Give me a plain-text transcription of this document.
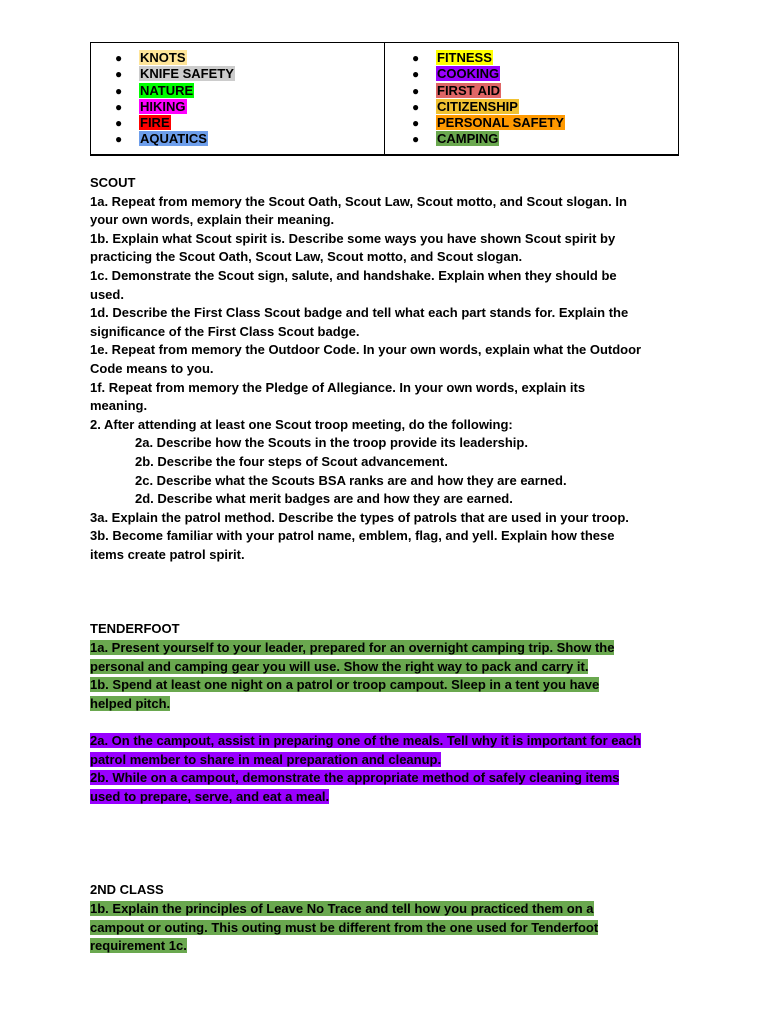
● KNOTS
● KNIFE SAFETY
● NATURE
● HIKING
● FIRE
● AQUATICS
● FITNESS
● COOKING
● FIRST AID
● CITIZENSHIP
● PERSONAL SAFETY
● CAMPING

SCOUT

1a. Repeat from memory the Scout Oath, Scout Law, Scout motto, and Scout slogan. In

your own words, explain their meaning.

1b. Explain what Scout spirit is. Describe some ways you have shown Scout spirit by

practicing the Scout Oath, Scout Law, Scout motto, and Scout slogan.

1c. Demonstrate the Scout sign, salute, and handshake. Explain when they should be

used.

1d. Describe the First Class Scout badge and tell what each part stands for. Explain the

significance of the First Class Scout badge.

1e. Repeat from memory the Outdoor Code. In your own words, explain what the Outdoor

Code means to you.

1f. Repeat from memory the Pledge of Allegiance. In your own words, explain its

meaning.

2. After attending at least one Scout troop meeting, do the following:

2a. Describe how the Scouts in the troop provide its leadership.

2b. Describe the four steps of Scout advancement.

2c. Describe what the Scouts BSA ranks are and how they are earned.

2d. Describe what merit badges are and how they are earned.

3a. Explain the patrol method. Describe the types of patrols that are used in your troop.

3b. Become familiar with your patrol name, emblem, flag, and yell. Explain how these

items create patrol spirit.

TENDERFOOT

1a. Present yourself to your leader, prepared for an overnight camping trip. Show the

personal and camping gear you will use. Show the right way to pack and carry it.

1b. Spend at least one night on a patrol or troop campout. Sleep in a tent you have

helped pitch.

2a. On the campout, assist in preparing one of the meals. Tell why it is important for each

patrol member to share in meal preparation and cleanup.

2b. While on a campout, demonstrate the appropriate method of safely cleaning items

used to prepare, serve, and eat a meal.

2ND CLASS

1b. Explain the principles of Leave No Trace and tell how you practiced them on a

campout or outing. This outing must be different from the one used for Tenderfoot

requirement 1c.
